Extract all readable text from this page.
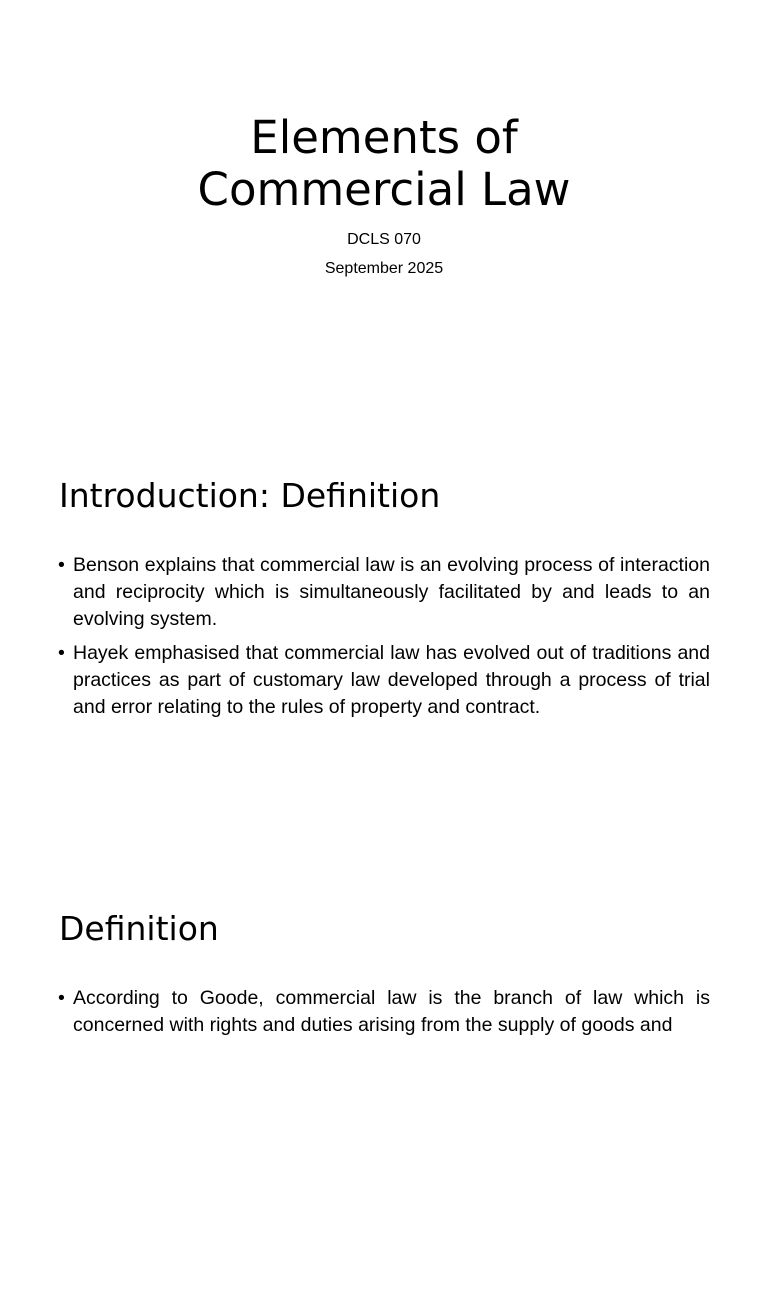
Elements of
Commercial Law
DCLS 070
September 2025
Introduction: Definition
• Benson explains that commercial law is an evolving process of interaction and reciprocity which is simultaneously facilitated by and leads to an evolving system.
• Hayek emphasised that commercial law has evolved out of traditions and practices as part of customary law developed through a process of trial and error relating to the rules of property and contract.
Definition
• According to Goode, commercial law is the branch of law which is concerned with rights and duties arising from the supply of goods and
